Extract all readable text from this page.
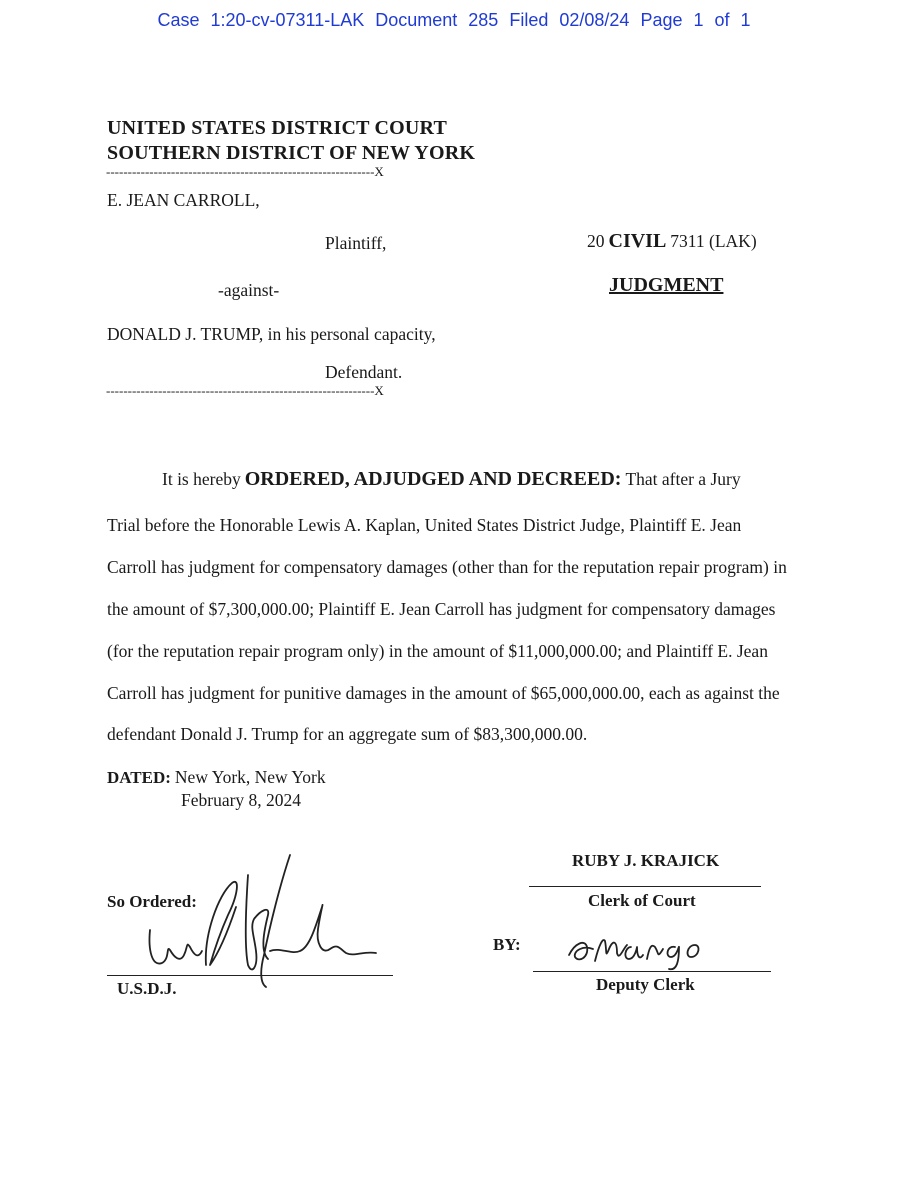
Case 1:20-cv-07311-LAK Document 285 Filed 02/08/24 Page 1 of 1
UNITED STATES DISTRICT COURT
SOUTHERN DISTRICT OF NEW YORK
--------------------------------------------------------------X
E. JEAN CARROLL,
Plaintiff,
-against-
DONALD J. TRUMP, in his personal capacity,
Defendant.
--------------------------------------------------------------X
20 CIVIL 7311 (LAK)
JUDGMENT
It is hereby ORDERED, ADJUDGED AND DECREED: That after a Jury
Trial before the Honorable Lewis A. Kaplan, United States District Judge, Plaintiff E. Jean
Carroll has judgment for compensatory damages (other than for the reputation repair program) in
the amount of $7,300,000.00; Plaintiff E. Jean Carroll has judgment for compensatory damages
(for the reputation repair program only) in the amount of $11,000,000.00; and Plaintiff E. Jean
Carroll has judgment for punitive damages in the amount of $65,000,000.00, each as against the
defendant Donald J. Trump for an aggregate sum of $83,300,000.00.
DATED: New York, New York
February 8, 2024
So Ordered:
U.S.D.J.
RUBY J. KRAJICK
Clerk of Court
BY:
Deputy Clerk
